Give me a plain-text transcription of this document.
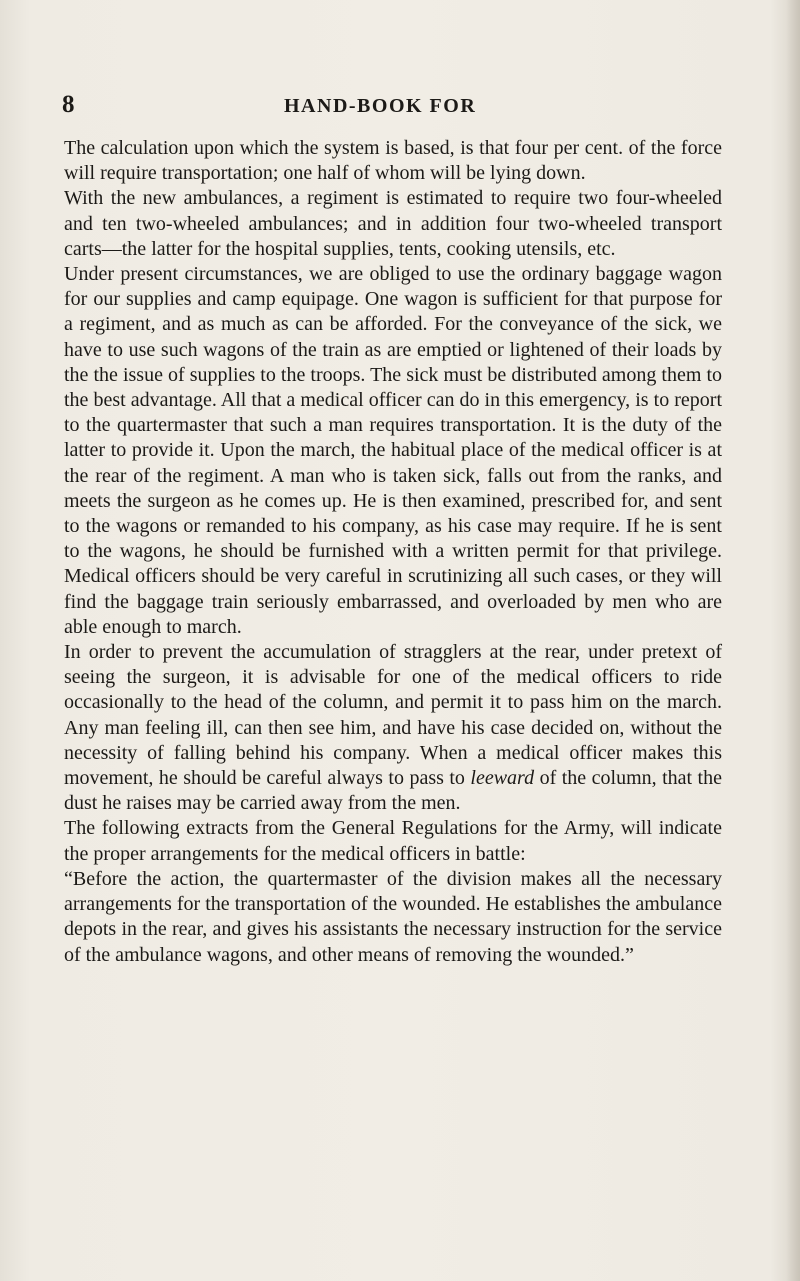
8	HAND-BOOK FOR

The calculation upon which the system is based, is that four per cent. of the force will require transportation; one half of whom will be lying down.

With the new ambulances, a regiment is estimated to require two four-wheeled and ten two-wheeled ambulances; and in addition four two-wheeled transport carts—the latter for the hospital supplies, tents, cooking utensils, etc.

Under present circumstances, we are obliged to use the ordinary baggage wagon for our supplies and camp equipage. One wagon is sufficient for that purpose for a regiment, and as much as can be afforded. For the conveyance of the sick, we have to use such wagons of the train as are emptied or lightened of their loads by the the issue of supplies to the troops. The sick must be distributed among them to the best advantage. All that a medical officer can do in this emergency, is to report to the quartermaster that such a man requires transportation. It is the duty of the latter to provide it. Upon the march, the habitual place of the medical officer is at the rear of the regiment. A man who is taken sick, falls out from the ranks, and meets the surgeon as he comes up. He is then examined, prescribed for, and sent to the wagons or remanded to his company, as his case may require. If he is sent to the wagons, he should be furnished with a written permit for that privilege. Medical officers should be very careful in scrutinizing all such cases, or they will find the baggage train seriously embarrassed, and overloaded by men who are able enough to march.

In order to prevent the accumulation of stragglers at the rear, under pretext of seeing the surgeon, it is advisable for one of the medical officers to ride occasionally to the head of the column, and permit it to pass him on the march. Any man feeling ill, can then see him, and have his case decided on, without the necessity of falling behind his company. When a medical officer makes this movement, he should be careful always to pass to leeward of the column, that the dust he raises may be carried away from the men.

The following extracts from the General Regulations for the Army, will indicate the proper arrangements for the medical officers in battle:

“Before the action, the quartermaster of the division makes all the necessary arrangements for the transportation of the wounded. He establishes the ambulance depots in the rear, and gives his assistants the necessary instruction for the service of the ambulance wagons, and other means of removing the wounded.”
